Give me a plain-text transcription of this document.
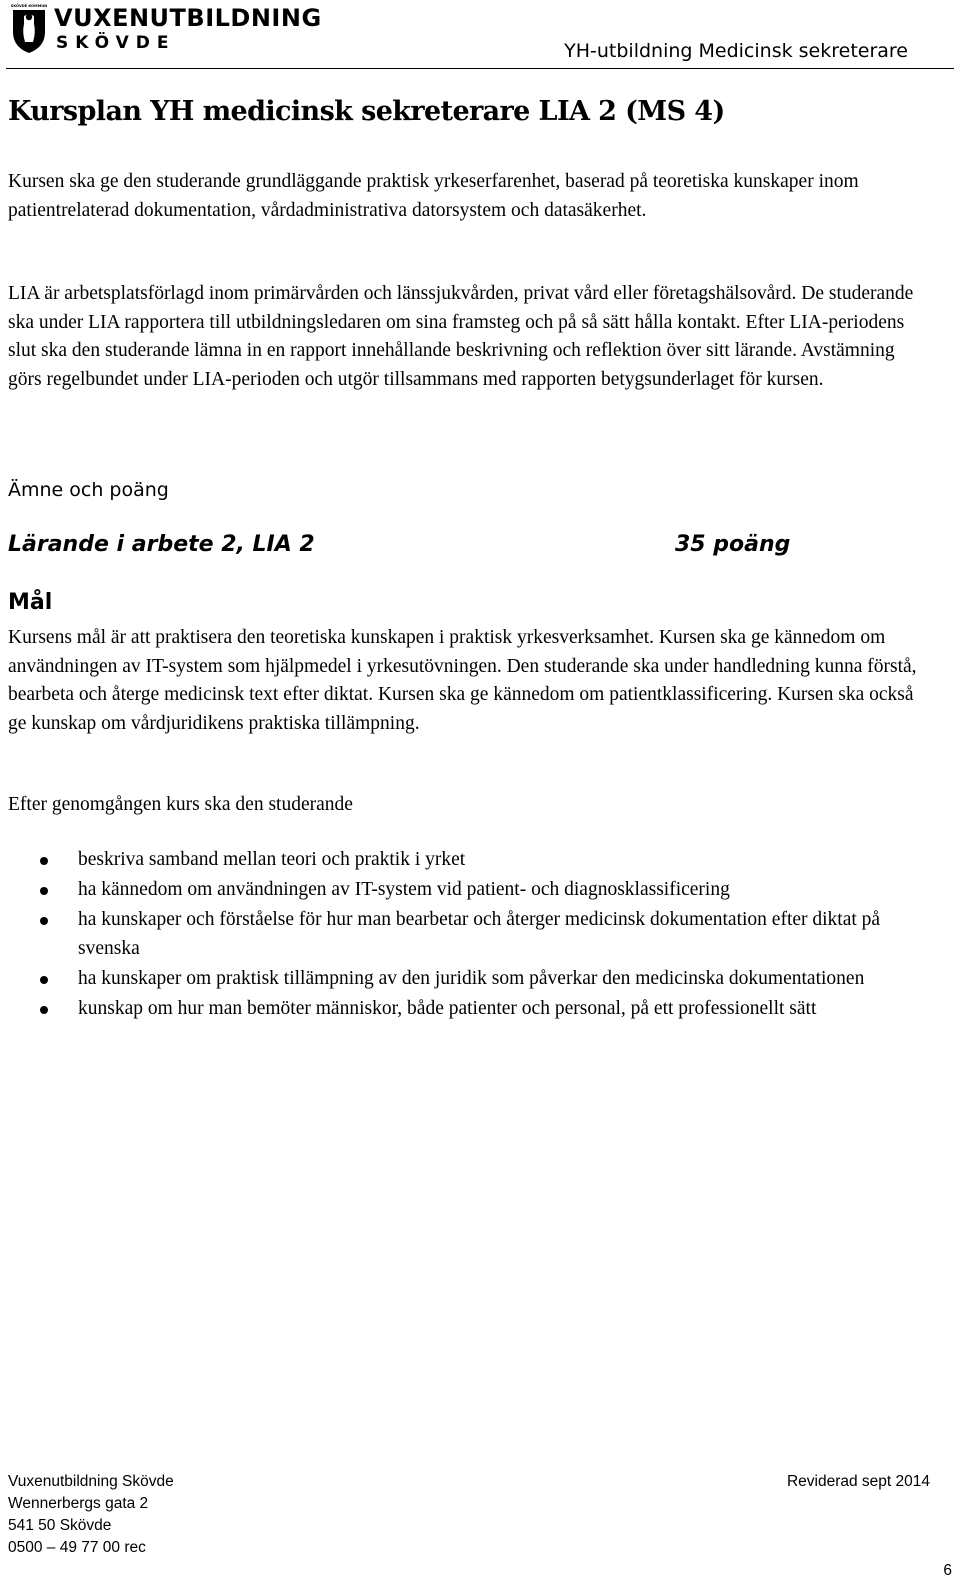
SKÖVDE KOMMUN VUXENUTBILDNING
SKÖVDE	YH-utbildning Medicinsk sekreterare
Kursplan YH medicinsk sekreterare LIA 2 (MS 4)

Kursen ska ge den studerande grundläggande praktisk yrkeserfarenhet, baserad på teoretiska kunskaper inom patientrelaterad dokumentation, vårdadministrativa datorsystem och datasäkerhet.

LIA är arbetsplatsförlagd inom primärvården och länssjukvården, privat vård eller företagshälsovård. De studerande ska under LIA rapportera till utbildningsledaren om sina framsteg och på så sätt hålla kontakt. Efter LIA-periodens slut ska den studerande lämna in en rapport innehållande beskrivning och reflektion över sitt lärande. Avstämning görs regelbundet under LIA-perioden och utgör tillsammans med rapporten betygsunderlaget för kursen.

Ämne och poäng
Lärande i arbete 2, LIA 2	35 poäng
Mål

Kursens mål är att praktisera den teoretiska kunskapen i praktisk yrkesverksamhet. Kursen ska ge kännedom om användningen av IT-system som hjälpmedel i yrkesutövningen. Den studerande ska under handledning kunna förstå, bearbeta och återge medicinsk text efter diktat. Kursen ska ge kännedom om patientklassificering. Kursen ska också ge kunskap om vårdjuridikens praktiska tillämpning.

Efter genomgången kurs ska den studerande

beskriva samband mellan teori och praktik i yrket
ha kännedom om användningen av IT-system vid patient- och diagnosklassificering
ha kunskaper och förståelse för hur man bearbetar och återger medicinsk dokumentation efter diktat på svenska
ha kunskaper om praktisk tillämpning av den juridik som påverkar den medicinska dokumentationen
kunskap om hur man bemöter människor, både patienter och personal, på ett professionellt sätt
Vuxenutbildning Skövde
Wennerbergs gata 2
541 50 Skövde
0500 – 49 77 00 rec
Reviderad sept 2014
6
